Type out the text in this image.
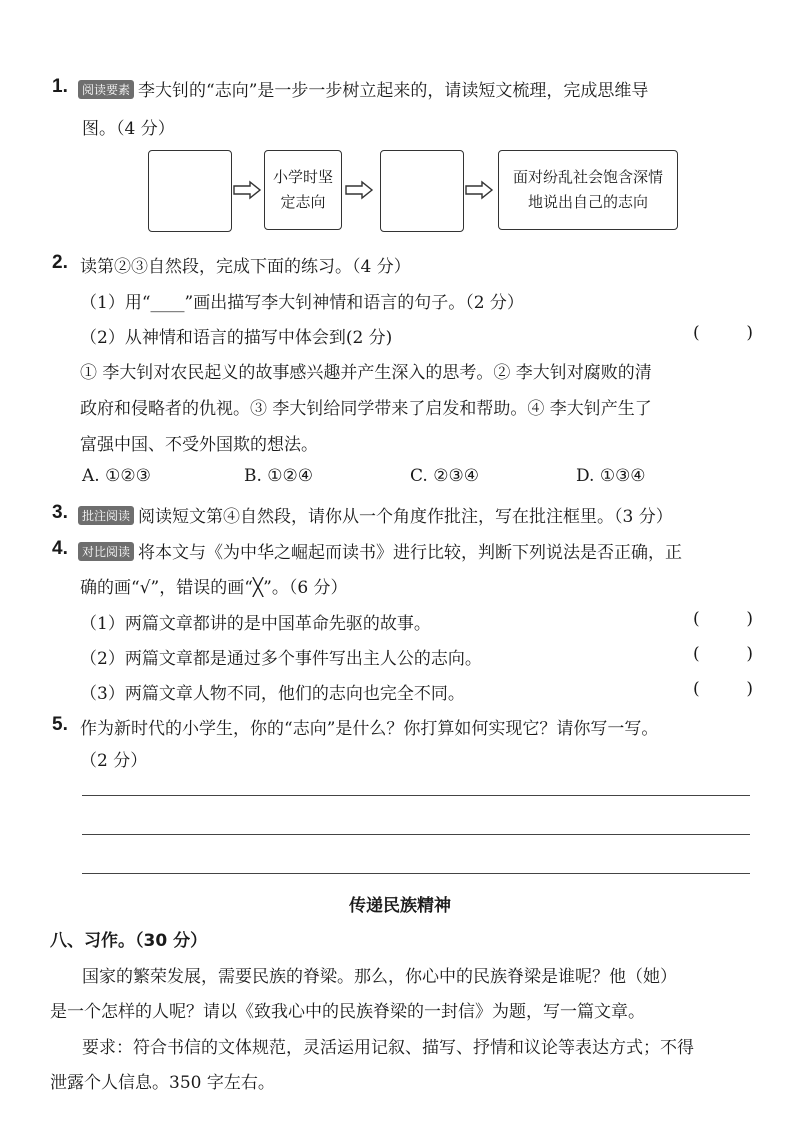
1.	阅读要素 李大钊的“志向”是一步一步树立起来的，请读短文梳理，完成思维导
图。（4 分）
小学时坚定志向
面对纷乱社会饱含深情地说出自己的志向
2. 读第②③自然段，完成下面的练习。（4 分）
（1）用“____”画出描写李大钊神情和语言的句子。（2 分）
（2）从神情和语言的描写中体会到(2 分)	(	)
① 李大钊对农民起义的故事感兴趣并产生深入的思考。② 李大钊对腐败的清
政府和侵略者的仇视。③ 李大钊给同学带来了启发和帮助。④ 李大钊产生了
富强中国、不受外国欺的想法。
A. ①②③	B. ①②④	C. ②③④	D. ①③④
3.	批注阅读 阅读短文第④自然段，请你从一个角度作批注，写在批注框里。（3 分）
4.	对比阅读 将本文与《为中华之崛起而读书》进行比较，判断下列说法是否正确，正
确的画“√”，错误的画“╳”。（6 分）
（1）两篇文章都讲的是中国革命先驱的故事。	(	)
（2）两篇文章都是通过多个事件写出主人公的志向。	(	)
（3）两篇文章人物不同，他们的志向也完全不同。	(	)
5. 作为新时代的小学生，你的“志向”是什么？你打算如何实现它？请你写一写。
（2 分）
传递民族精神
八、习作。（30 分）
国家的繁荣发展，需要民族的脊梁。那么，你心中的民族脊梁是谁呢？他（她）
是一个怎样的人呢？请以《致我心中的民族脊梁的一封信》为题，写一篇文章。
要求：符合书信的文体规范，灵活运用记叙、描写、抒情和议论等表达方式；不得
泄露个人信息。350 字左右。
